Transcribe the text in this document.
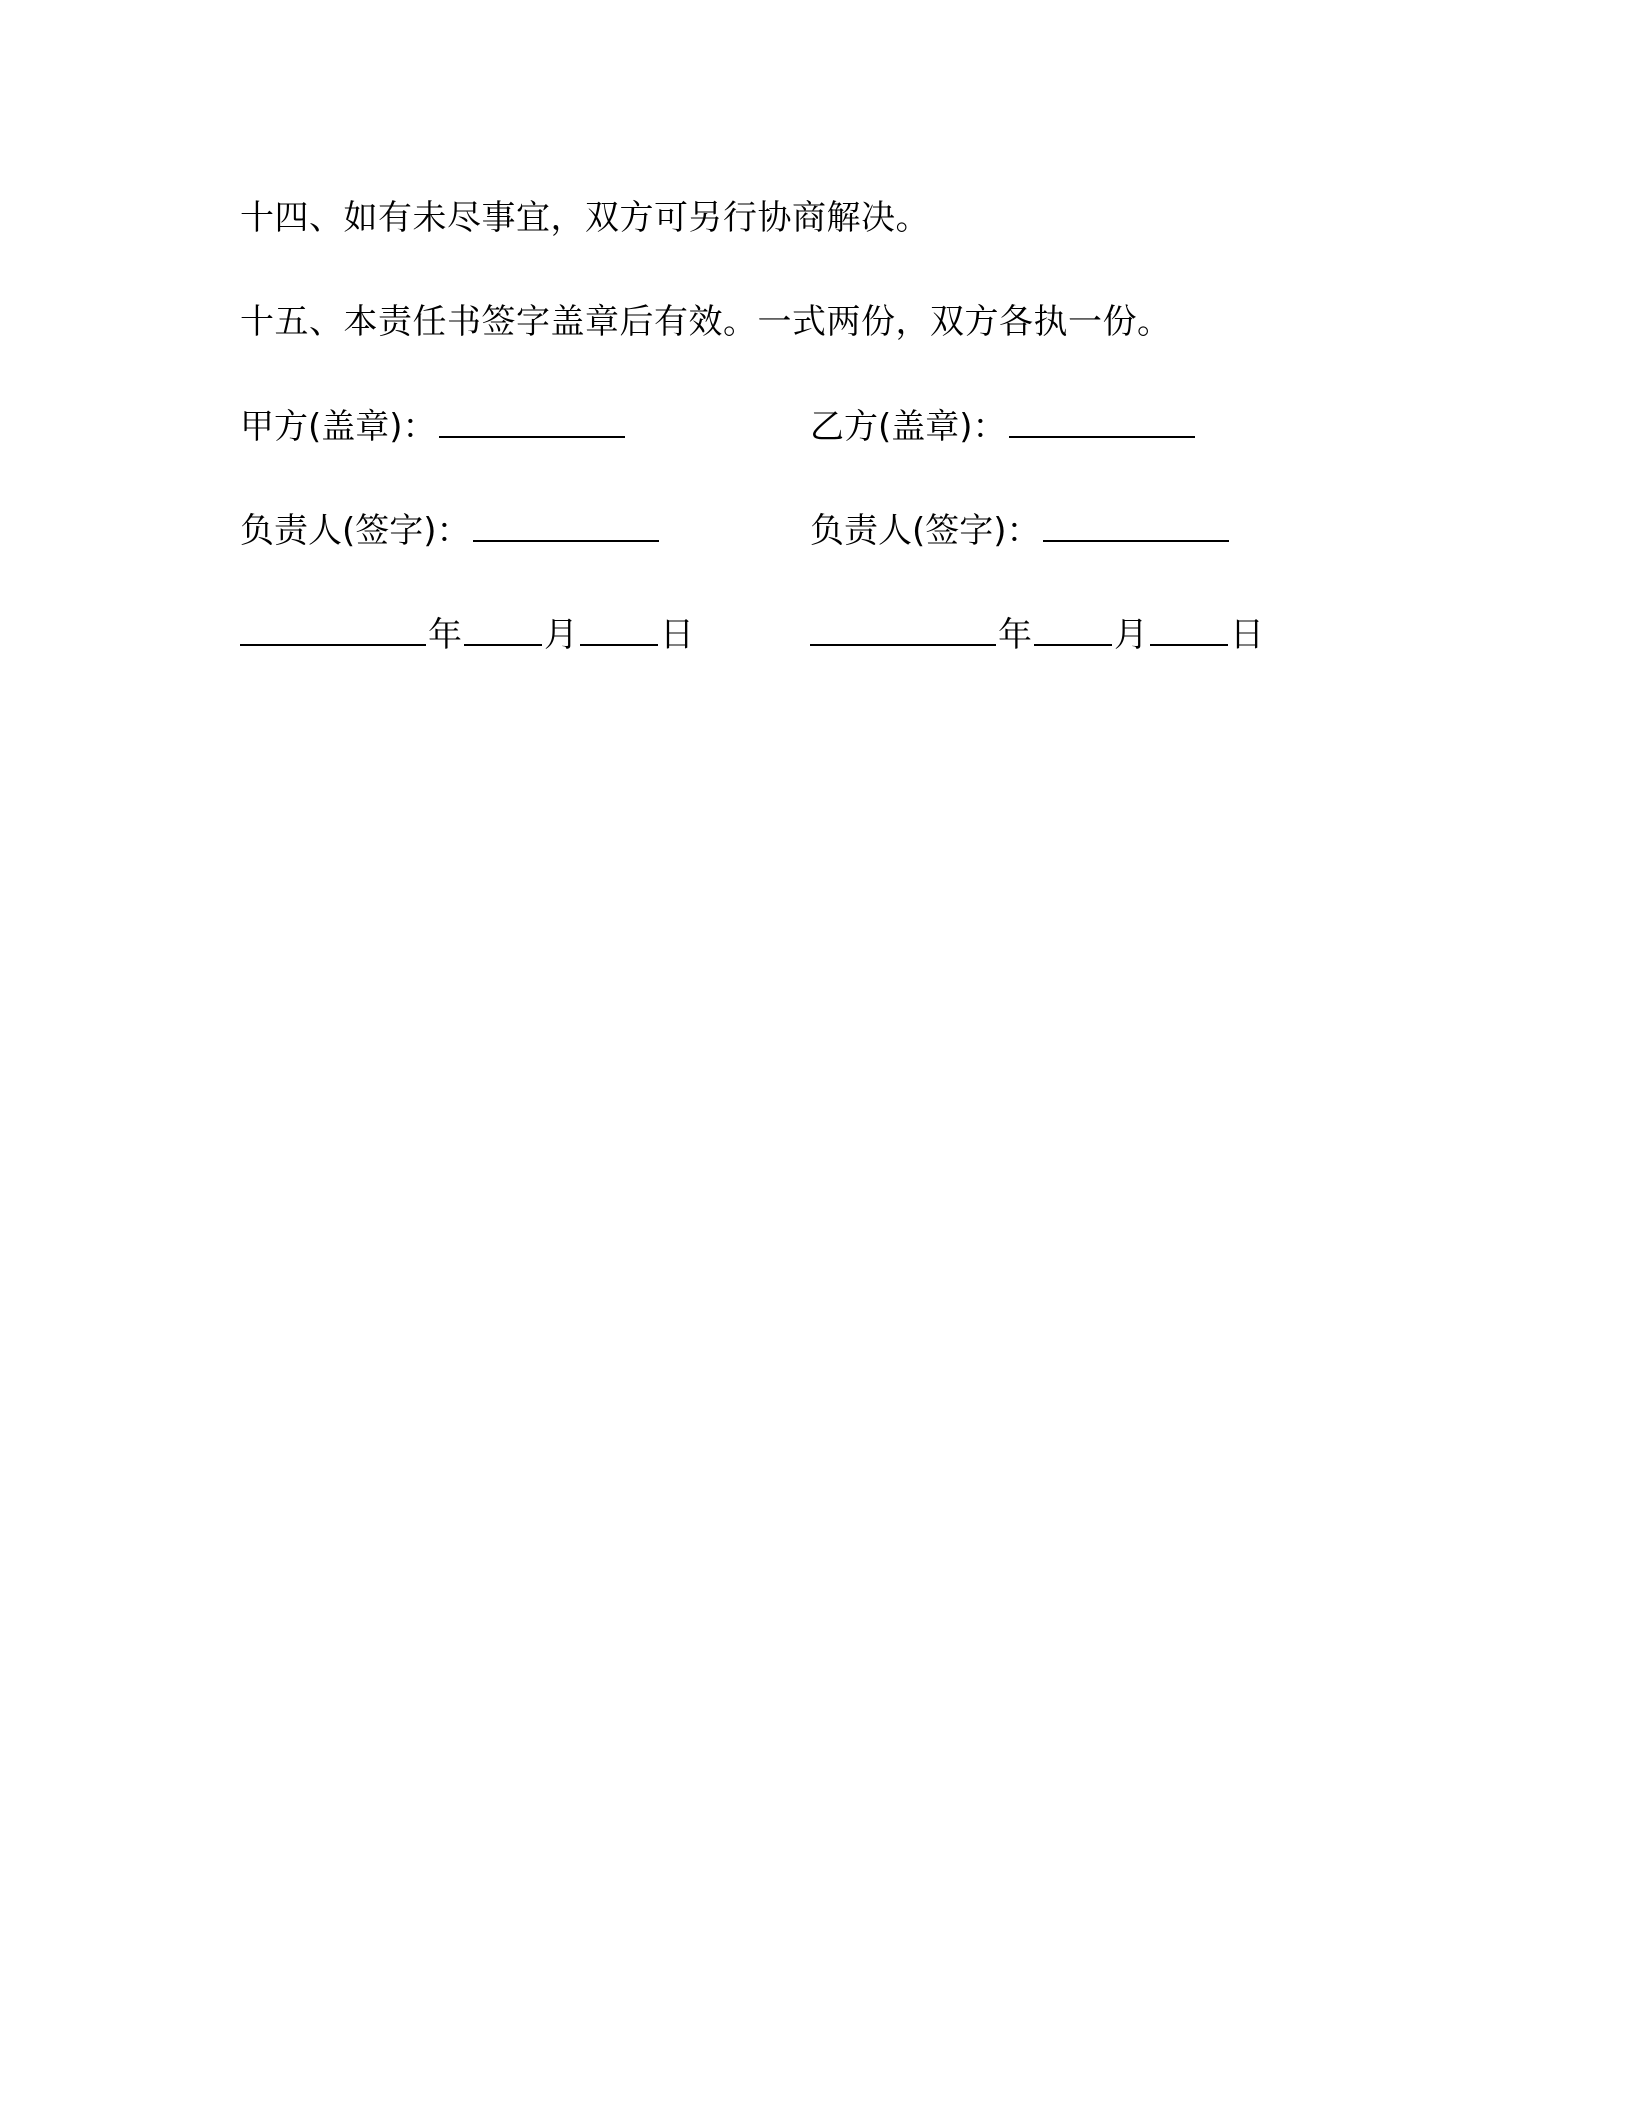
十四、如有未尽事宜，双方可另行协商解决。
十五、本责任书签字盖章后有效。一式两份，双方各执一份。
甲方(盖章)：	乙方(盖章)：
负责人(签字)：	负责人(签字)：
年 月 日	年 月 日
